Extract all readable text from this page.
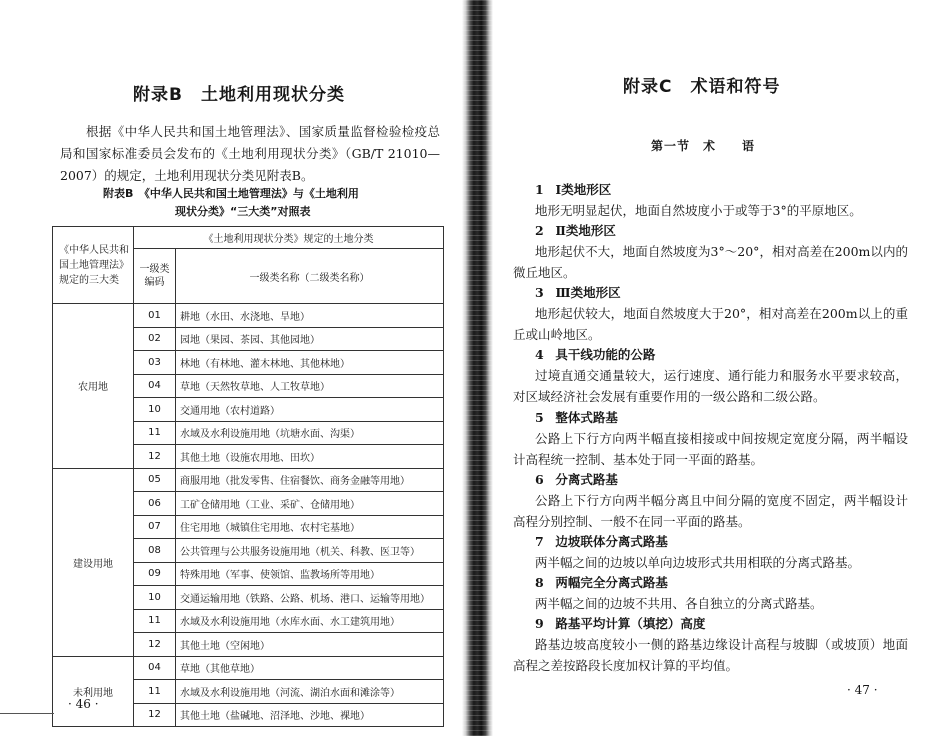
附录B　土地利用现状分类
根据《中华人民共和国土地管理法》、国家质量监督检验检疫总局和国家标准委员会发布的《土地利用现状分类》（GB/T 21010—2007）的规定，土地利用现状分类见附表B。
附表B　《中华人民共和国土地管理法》与《土地利用
现状分类》“三大类”对照表
《中华人民共和国土地管理法》规定的三大类	《土地利用现状分类》规定的土地分类	
	一级类编码	一级类名称（二级类名称）
农用地	01	耕地（水田、水浇地、旱地）
	02	园地（果园、茶园、其他园地）
	03	林地（有林地、灌木林地、其他林地）
	04	草地（天然牧草地、人工牧草地）
	10	交通用地（农村道路）
	11	水域及水利设施用地（坑塘水面、沟渠）
	12	其他土地（设施农用地、田坎）
建设用地	05	商服用地（批发零售、住宿餐饮、商务金融等用地）
	06	工矿仓储用地（工业、采矿、仓储用地）
	07	住宅用地（城镇住宅用地、农村宅基地）
	08	公共管理与公共服务设施用地（机关、科教、医卫等）
	09	特殊用地（军事、使领馆、监教场所等用地）
	10	交通运输用地（铁路、公路、机场、港口、运输等用地）
	11	水域及水利设施用地（水库水面、水工建筑用地）
	12	其他土地（空闲地）
未利用地	04	草地（其他草地）
	11	水域及水利设施用地（河流、湖泊水面和滩涂等）
	12	其他土地（盐碱地、沼泽地、沙地、裸地）
· 46 ·
附录C　术语和符号
第一节　术　　语
1 Ⅰ类地形区
地形无明显起伏，地面自然坡度小于或等于3°的平原地区。
2 Ⅱ类地形区
地形起伏不大，地面自然坡度为3°～20°，相对高差在200m以内的微丘地区。
3 Ⅲ类地形区
地形起伏较大，地面自然坡度大于20°，相对高差在200m以上的重丘或山岭地区。
4 具干线功能的公路
过境直通交通量较大，运行速度、通行能力和服务水平要求较高，对区域经济社会发展有重要作用的一级公路和二级公路。
5 整体式路基
公路上下行方向两半幅直接相接或中间按规定宽度分隔，两半幅设计高程统一控制、基本处于同一平面的路基。
6 分离式路基
公路上下行方向两半幅分离且中间分隔的宽度不固定，两半幅设计高程分别控制、一般不在同一平面的路基。
7 边坡联体分离式路基
两半幅之间的边坡以单向边坡形式共用相联的分离式路基。
8 两幅完全分离式路基
两半幅之间的边坡不共用、各自独立的分离式路基。
9 路基平均计算（填挖）高度
路基边坡高度较小一侧的路基边缘设计高程与坡脚（或坡顶）地面高程之差按路段长度加权计算的平均值。
· 47 ·
